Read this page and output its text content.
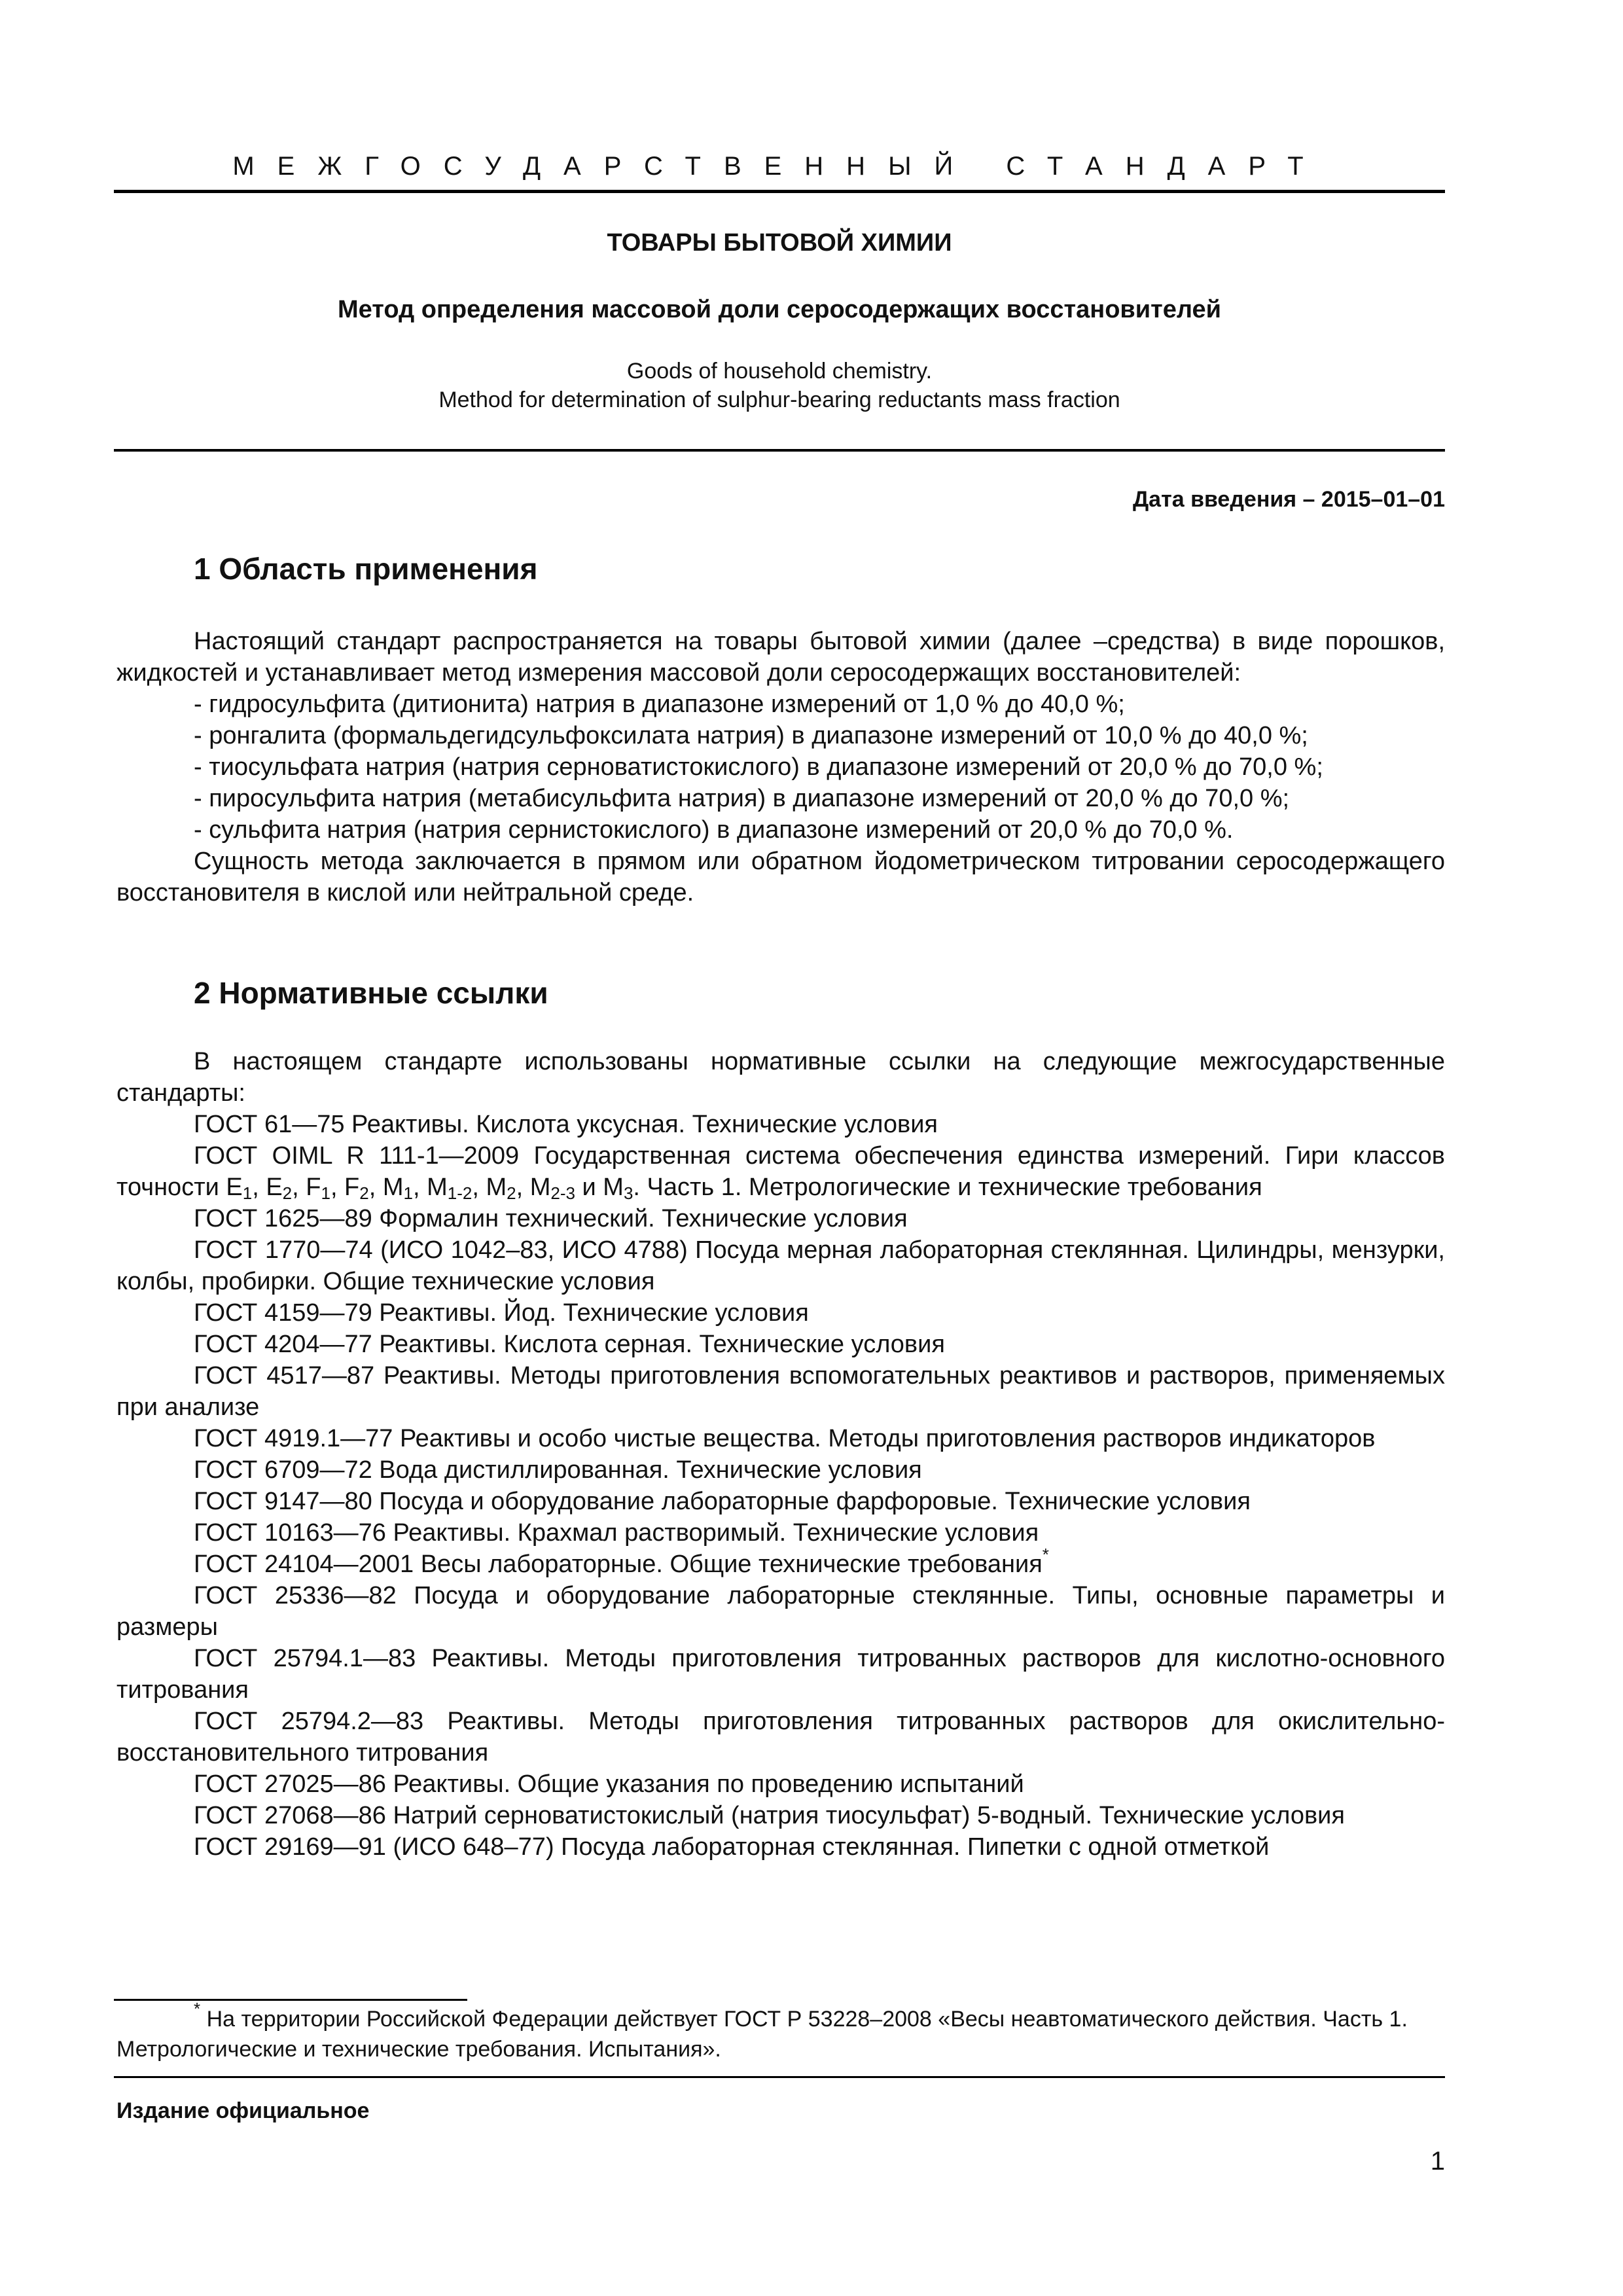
МЕЖГОСУДАРСТВЕННЫЙ СТАНДАРТ
ТОВАРЫ БЫТОВОЙ ХИМИИ
Метод определения массовой доли серосодержащих восстановителей
Goods of household chemistry.
Method for determination of sulphur-bearing reductants mass fraction
Дата введения – 2015–01–01
1 Область применения

Настоящий стандарт распространяется на товары бытовой химии (далее –средства) в виде порошков, жидкостей и устанавливает метод измерения массовой доли серосодержащих восстановителей:

- гидросульфита (дитионита) натрия в диапазоне измерений от 1,0 % до 40,0 %;

- ронгалита (формальдегидсульфоксилата натрия) в диапазоне измерений от 10,0 % до 40,0 %;

- тиосульфата натрия (натрия серноватистокислого) в диапазоне измерений от 20,0 % до 70,0 %;

- пиросульфита натрия (метабисульфита натрия) в диапазоне измерений от 20,0 % до 70,0 %;

- сульфита натрия (натрия сернистокислого) в диапазоне измерений от 20,0 % до 70,0 %.

Сущность метода заключается в прямом или обратном йодометрическом титровании серосодержащего восстановителя в кислой или нейтральной среде.

2 Нормативные ссылки

В настоящем стандарте использованы нормативные ссылки на следующие межгосударственные стандарты:

ГОСТ 61—75 Реактивы. Кислота уксусная. Технические условия

ГОСТ OIML R 111-1—2009 Государственная система обеспечения единства измерений. Гири классов точности $E_1$, $E_2$, $F_1$, $F_2$, $M_1$, $M_{1-2}$, $M_2$, $M_{2-3}$ и $M_3$. Часть 1. Метрологические и технические требования

ГОСТ 1625—89 Формалин технический. Технические условия

ГОСТ 1770—74 (ИСО 1042–83, ИСО 4788) Посуда мерная лабораторная стеклянная. Цилиндры, мензурки, колбы, пробирки. Общие технические условия

ГОСТ 4159—79 Реактивы. Йод. Технические условия

ГОСТ 4204—77 Реактивы. Кислота серная. Технические условия

ГОСТ 4517—87 Реактивы. Методы приготовления вспомогательных реактивов и растворов, применяемых при анализе

ГОСТ 4919.1—77 Реактивы и особо чистые вещества. Методы приготовления растворов индикаторов

ГОСТ 6709—72 Вода дистиллированная. Технические условия

ГОСТ 9147—80 Посуда и оборудование лабораторные фарфоровые. Технические условия

ГОСТ 10163—76 Реактивы. Крахмал растворимый. Технические условия

ГОСТ 24104—2001 Весы лабораторные. Общие технические требования*

ГОСТ 25336—82 Посуда и оборудование лабораторные стеклянные. Типы, основные параметры и размеры

ГОСТ 25794.1—83 Реактивы. Методы приготовления титрованных растворов для кислотно-основного титрования

ГОСТ 25794.2—83 Реактивы. Методы приготовления титрованных растворов для окислительно-восстановительного титрования

ГОСТ 27025—86 Реактивы. Общие указания по проведению испытаний

ГОСТ 27068—86 Натрий серноватистокислый (натрия тиосульфат) 5-водный. Технические условия

ГОСТ 29169—91 (ИСО 648–77) Посуда лабораторная стеклянная. Пипетки с одной отметкой

* На территории Российской Федерации действует ГОСТ Р 53228–2008 «Весы неавтоматического действия. Часть 1. Метрологические и технические требования. Испытания».

Издание официальное
1
